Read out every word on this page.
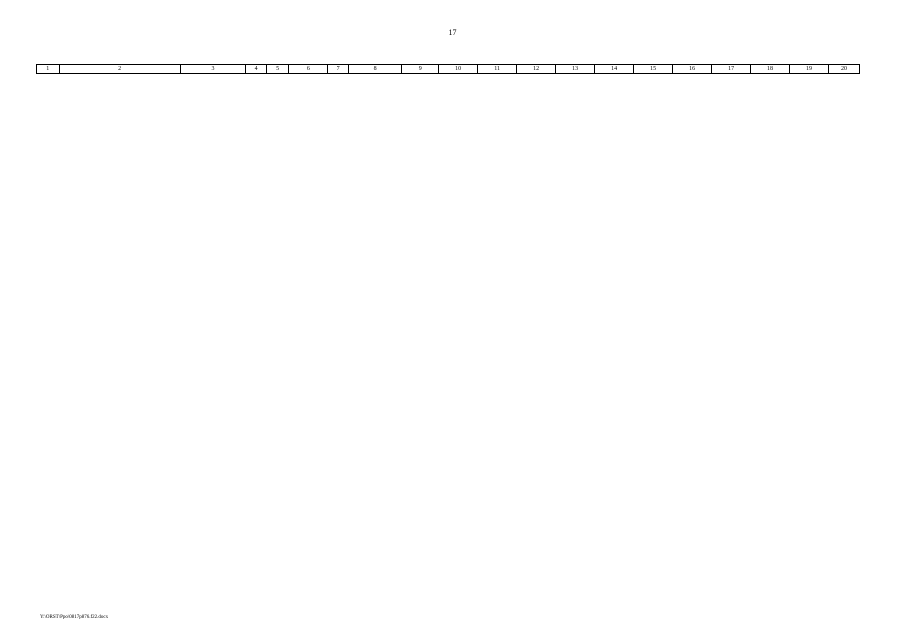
17
1	2	3	4	5	6	7	8	9	10	11	12	13	14	15	16	17	18	19	20
Y:\ORST\Ppo\0817p876.f22.docx
